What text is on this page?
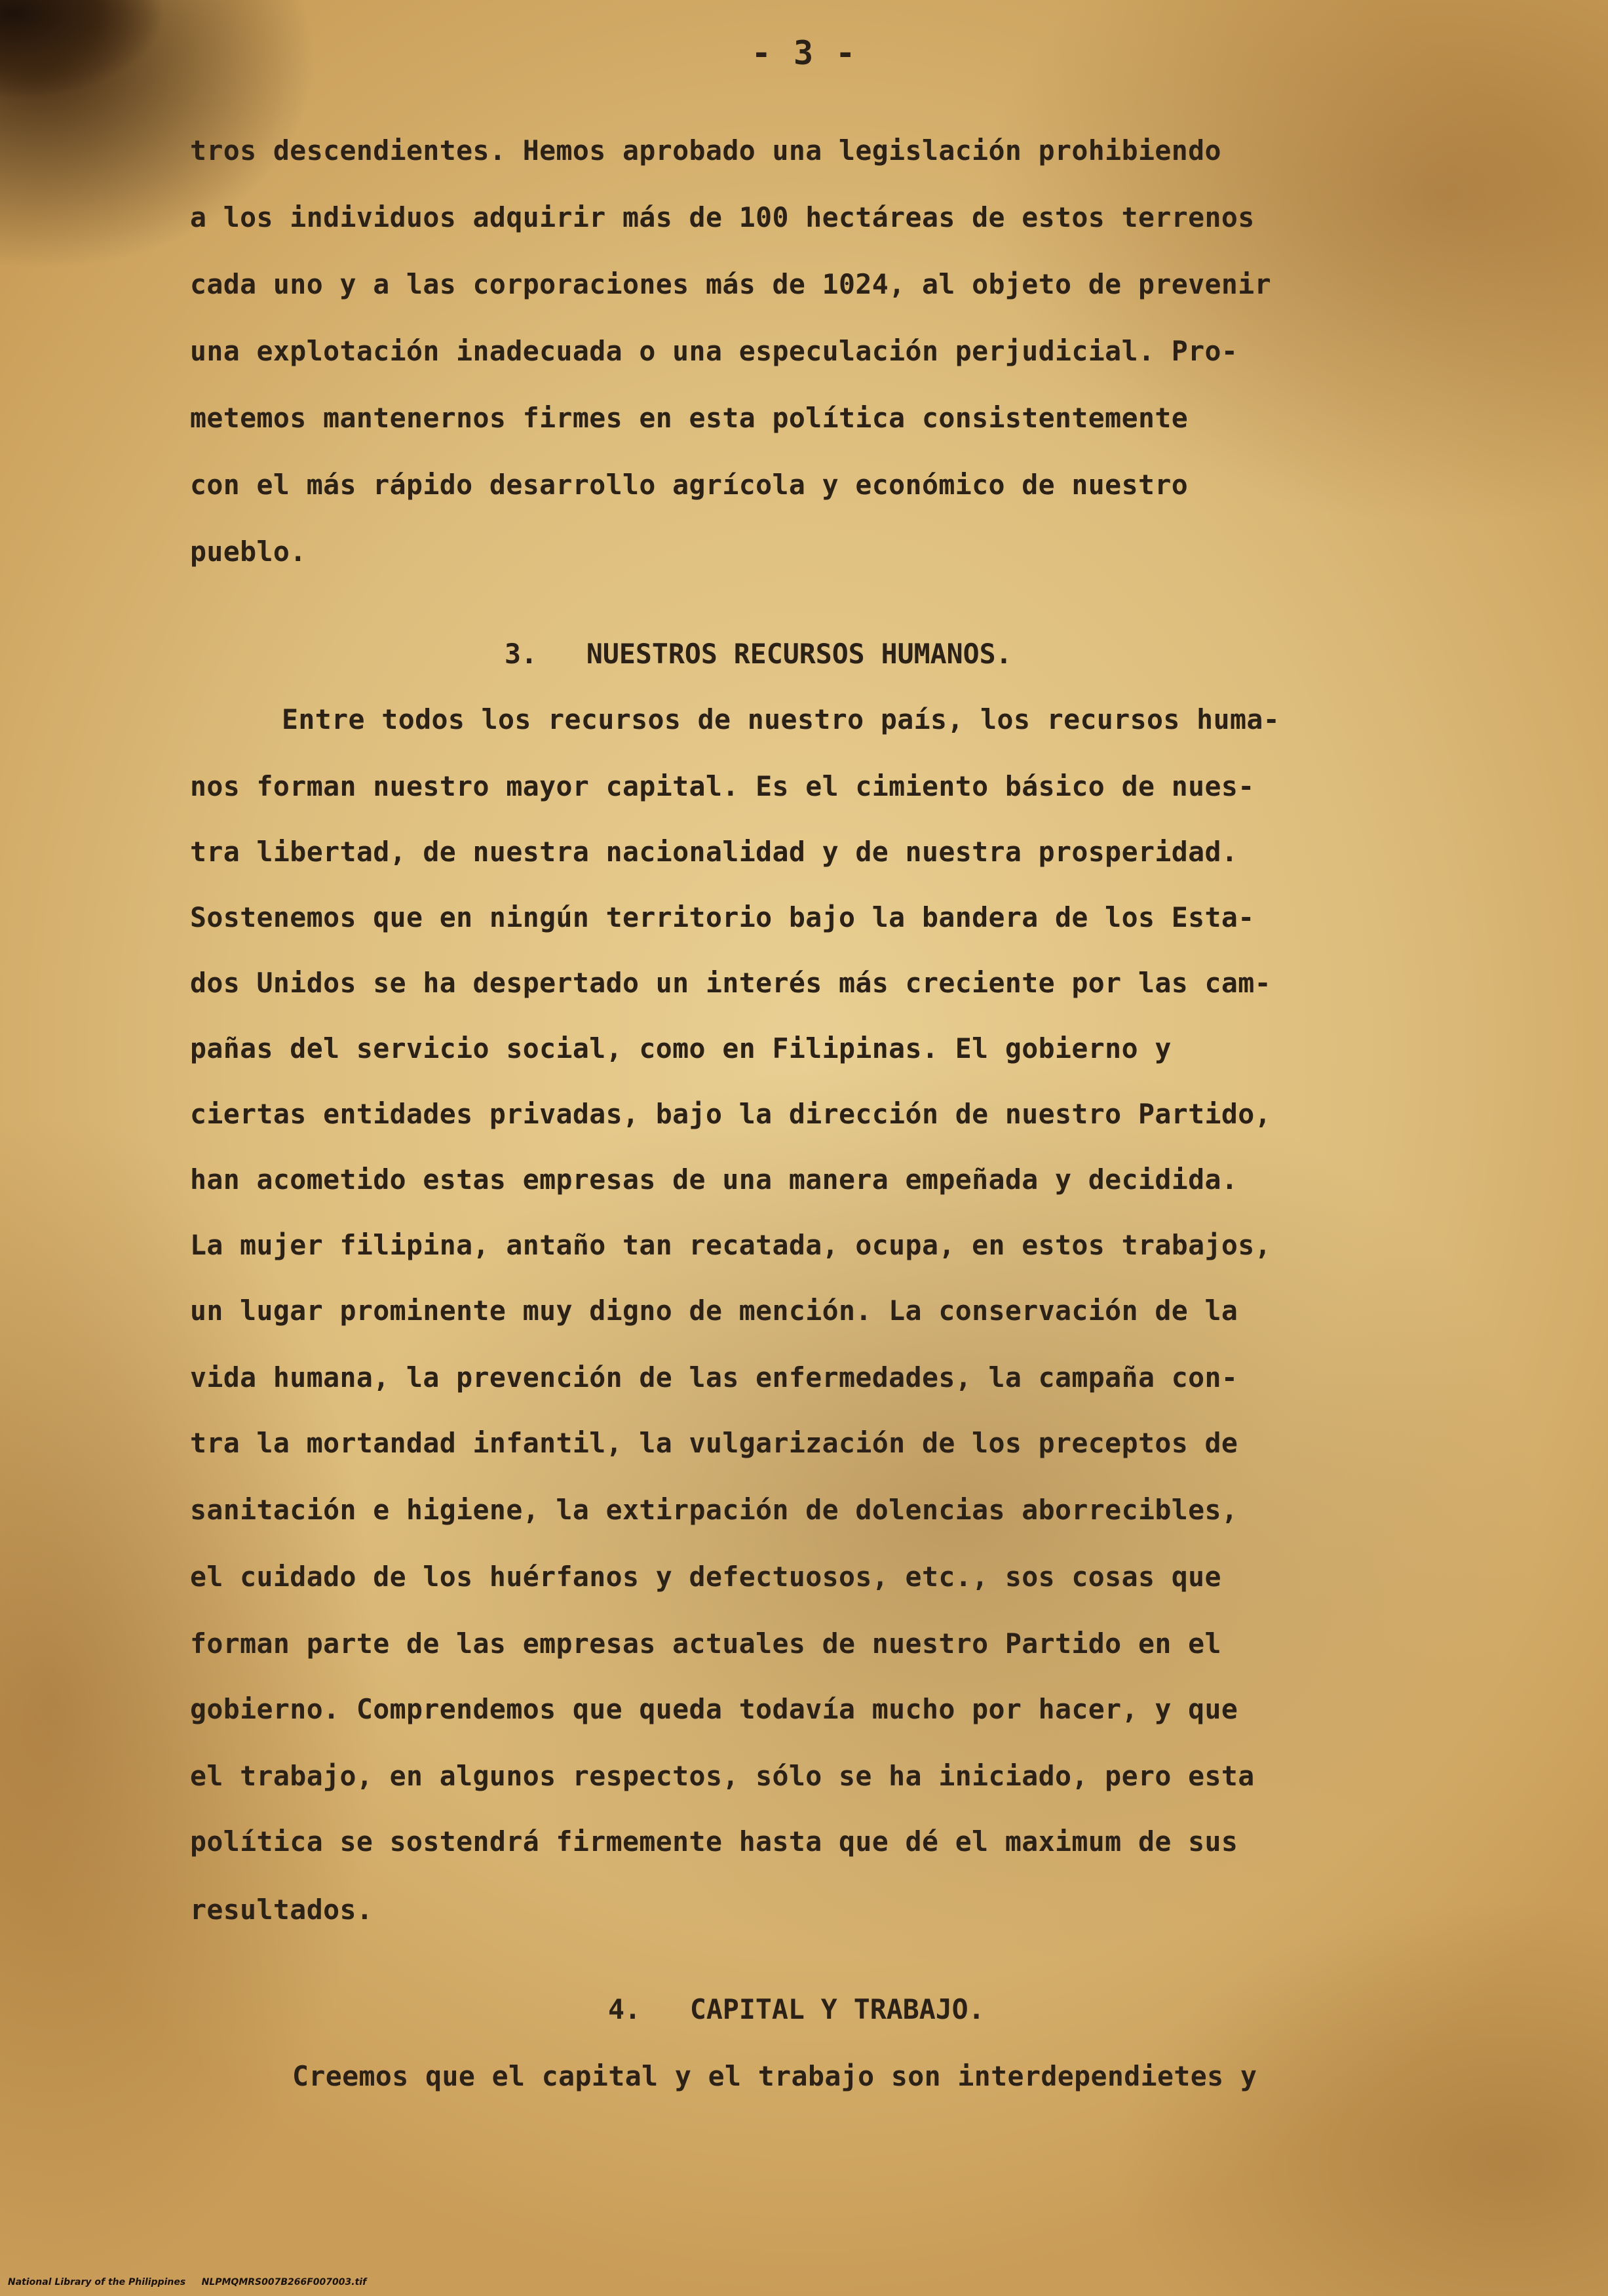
- 3 -

tros descendientes. Hemos aprobado una legislación prohibiendo

a los individuos adquirir más de 100 hectáreas de estos terrenos

cada uno y a las corporaciones más de 1024, al objeto de prevenir

una explotación inadecuada o una especulación perjudicial. Pro-

metemos mantenernos firmes en esta política consistentemente

con el más rápido desarrollo agrícola y económico de nuestro

pueblo.

3.   NUESTROS RECURSOS HUMANOS.

Entre todos los recursos de nuestro país, los recursos huma-

nos forman nuestro mayor capital. Es el cimiento básico de nues-

tra libertad, de nuestra nacionalidad y de nuestra prosperidad.

Sostenemos que en ningún territorio bajo la bandera de los Esta-

dos Unidos se ha despertado un interés más creciente por las cam-

pañas del servicio social, como en Filipinas. El gobierno y

ciertas entidades privadas, bajo la dirección de nuestro Partido,

han acometido estas empresas de una manera empeñada y decidida.

La mujer filipina, antaño tan recatada, ocupa, en estos trabajos,

un lugar prominente muy digno de mención. La conservación de la

vida humana, la prevención de las enfermedades, la campaña con-

tra la mortandad infantil, la vulgarización de los preceptos de

sanitación e higiene, la extirpación de dolencias aborrecibles,

el cuidado de los huérfanos y defectuosos, etc., sos cosas que

forman parte de las empresas actuales de nuestro Partido en el

gobierno. Comprendemos que queda todavía mucho por hacer, y que

el trabajo, en algunos respectos, sólo se ha iniciado, pero esta

política se sostendrá firmemente hasta que dé el maximum de sus

resultados.

4.   CAPITAL Y TRABAJO.

Creemos que el capital y el trabajo son interdependietes y

National Library of the Philippines     NLPMQMRS007B266F007003.tif
